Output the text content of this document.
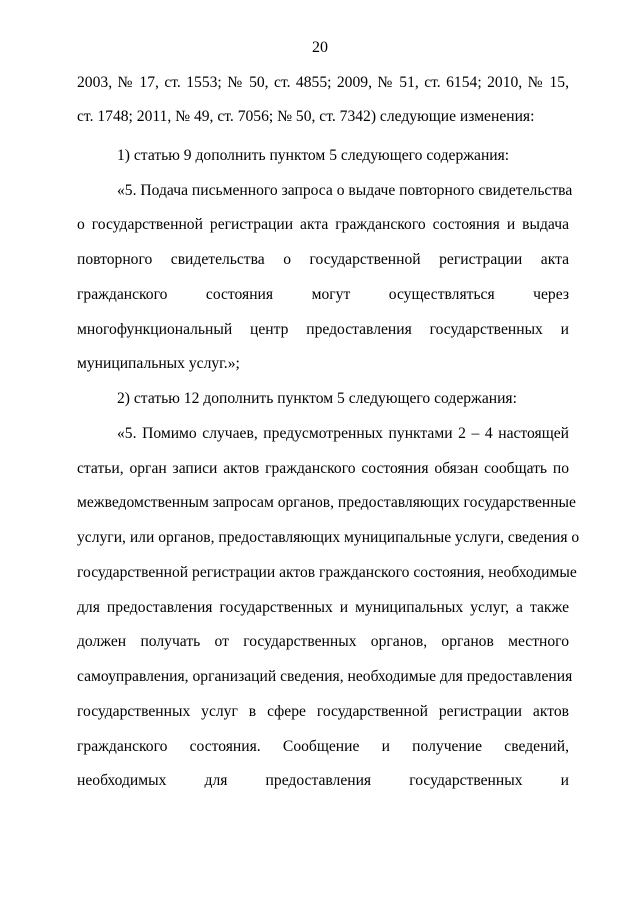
20
2003, № 17, ст. 1553; № 50, ст. 4855; 2009, № 51, ст. 6154; 2010, № 15,
ст. 1748; 2011, № 49, ст. 7056; № 50, ст. 7342) следующие изменения:
1) статью 9 дополнить пунктом 5 следующего содержания:
«5. Подача письменного запроса о выдаче повторного свидетельства
о государственной регистрации акта гражданского состояния и выдача
повторного свидетельства о государственной регистрации акта
гражданского состояния могут осуществляться через
многофункциональный центр предоставления государственных и
муниципальных услуг.»;
2) статью 12 дополнить пунктом 5 следующего содержания:
«5. Помимо случаев, предусмотренных пунктами 2 – 4 настоящей
статьи, орган записи актов гражданского состояния обязан сообщать по
межведомственным запросам органов, предоставляющих государственные
услуги, или органов, предоставляющих муниципальные услуги, сведения о
государственной регистрации актов гражданского состояния, необходимые
для предоставления государственных и муниципальных услуг, а также
должен получать от государственных органов, органов местного
самоуправления, организаций сведения, необходимые для предоставления
государственных услуг в сфере государственной регистрации актов
гражданского состояния. Сообщение и получение сведений,
необходимых для предоставления государственных и
